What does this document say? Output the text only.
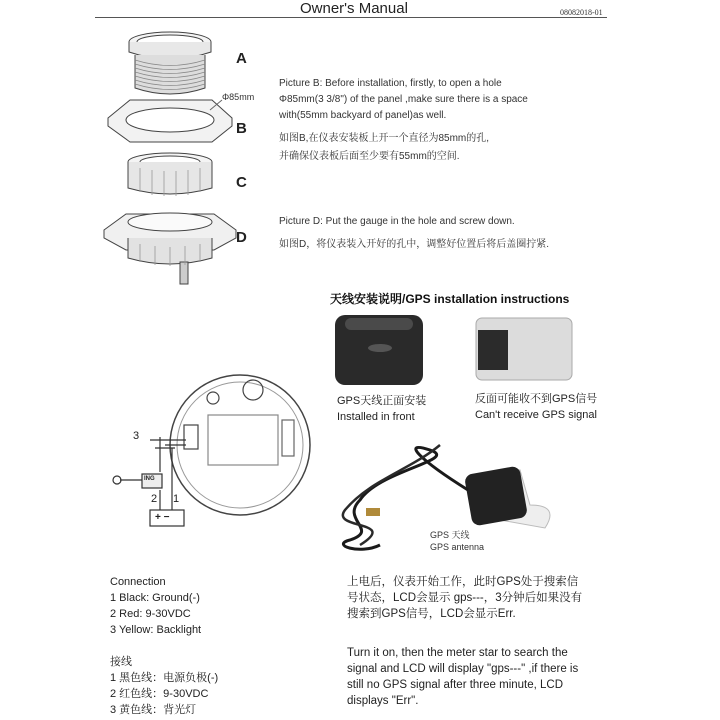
Owner's Manual	08082018-01
A
B
C
D
Φ85mm
Picture B: Before installation, firstly, to open a hole
Φ85mm(3 3/8") of the panel ,make sure there is a space
with(55mm backyard of panel)as well.
如图B,在仪表安装板上开一个直径为85mm的孔,
并确保仪表板后面至少要有55mm的空间.
Picture D: Put the gauge in the hole and screw down.
如图D，将仪表装入开好的孔中，调整好位置后将后盖圈拧紧.
天线安装说明/GPS installation instructions
GPS天线正面安装
Installed in front
反面可能收不到GPS信号
Can't receive GPS signal
GPS 天线
GPS antenna
3
2 1
ING
+ −
Connection
1 Black: Ground(-)
2 Red: 9-30VDC
3 Yellow: Backlight
接线
1 黑色线：电源负极(-)
2 红色线：9-30VDC
3 黄色线：背光灯
上电后，仪表开始工作，此时GPS处于搜索信
号状态，LCD会显示 gps---，3分钟后如果没有
搜索到GPS信号，LCD会显示Err.
Turn it on, then the meter star to search the
signal and LCD will display "gps---" ,if there is
still no GPS signal after three minute, LCD
displays "Err".
